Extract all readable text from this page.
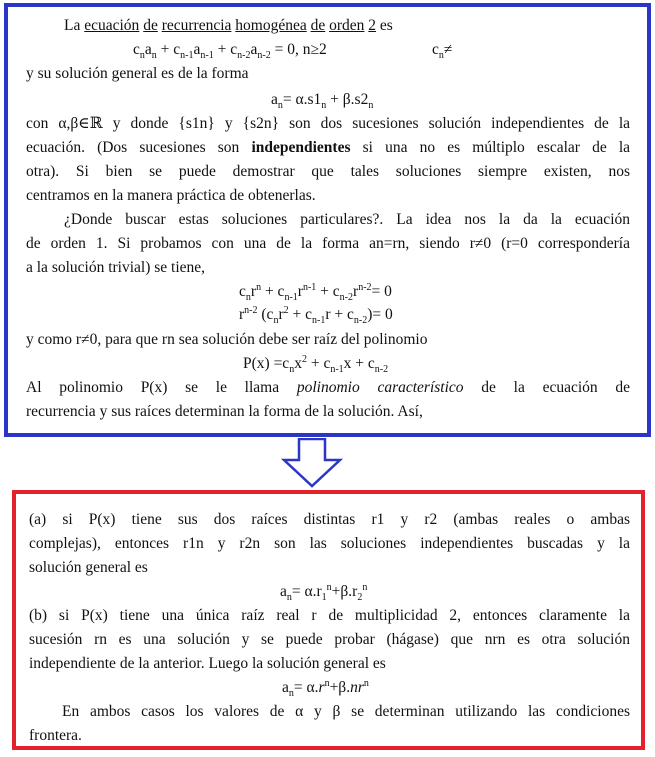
La ecuación de recurrencia homogénea de orden 2 es
$c_na_n + c_{n-1}a_{n-1} + c_{n-2}a_{n-2} = 0$, n≥2	$c_n\ne$
y su solución general es de la forma
$a_n= \alpha.s1_n + \beta.s2_n$
con α,β∈ℝ y donde {s1n} y {s2n} son dos sucesiones solución independientes de la
ecuación. (Dos sucesiones son independientes si una no es múltiplo escalar de la
otra). Si bien se puede demostrar que tales soluciones siempre existen, nos
centramos en la manera práctica de obtenerlas.
¿Donde buscar estas soluciones particulares?. La idea nos la da la ecuación
de orden 1. Si probamos con una de la forma an=rn, siendo r≠0 (r=0 correspondería
a la solución trivial) se tiene,
$c_nr^n + c_{n-1}r^{n-1} + c_{n-2}r^{n-2}= 0$
$r^{n-2}$ $(c_nr^2 + c_{n-1}r + c_{n-2})= 0$
y como r≠0, para que rn sea solución debe ser raíz del polinomio
$P(x) =c_nx^2 + c_{n-1}x + c_{n-2}$
Al polinomio P(x) se le llama polinomio característico de la ecuación de
recurrencia y sus raíces determinan la forma de la solución. Así,
(a) si P(x) tiene sus dos raíces distintas r1 y r2 (ambas reales o ambas
complejas), entonces r1n y r2n son las soluciones independientes buscadas y la
solución general es
$a_n= \alpha.r_1^n+\beta.r_2^n$
(b) si P(x) tiene una única raíz real r de multiplicidad 2, entonces claramente la
sucesión rn es una solución y se puede probar (hágase) que nrn es otra solución
independiente de la anterior. Luego la solución general es
$a_n= \alpha.r^n+\beta.nr^n$
En ambos casos los valores de α y β se determinan utilizando las condiciones
frontera.
